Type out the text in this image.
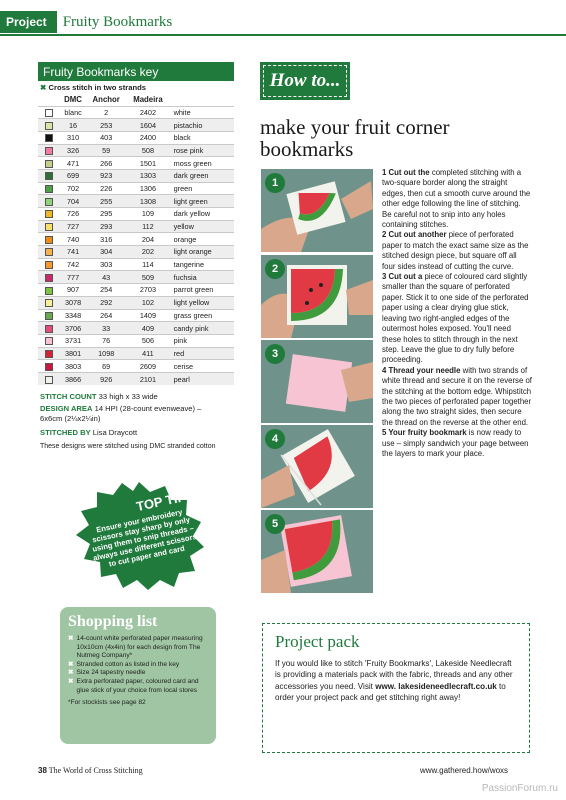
Project	Fruity Bookmarks
Fruity Bookmarks key
✖ Cross stitch in two strands
	DMC	Anchor	Madeira	
	blanc	2	2402	white
	16	253	1604	pistachio
	310	403	2400	black
	326	59	508	rose pink
	471	266	1501	moss green
	699	923	1303	dark green
	702	226	1306	green
	704	255	1308	light green
	726	295	109	dark yellow
	727	293	112	yellow
	740	316	204	orange
	741	304	202	light orange
	742	303	114	tangerine
	777	43	509	fuchsia
	907	254	2703	parrot green
	3078	292	102	light yellow
	3348	264	1409	grass green
	3706	33	409	candy pink
	3731	76	506	pink
	3801	1098	411	red
	3803	69	2609	cerise
	3866	926	2101	pearl

STITCH COUNT 33 high x 33 wide

DESIGN AREA 14 HPI (28-count evenweave) –
6x6cm (2¼x2¼in)

STITCHED BY Lisa Draycott

These designs were stitched using DMC stranded cotton

TOP TIP
Ensure your embroidery scissors stay sharp by only using them to snip threads – always use different scissors to cut paper and card
Shopping list
✖ 14-count white perforated paper measuring 10x10cm (4x4in) for each design from The Nutmeg Company*
✖ Stranded cotton as listed in the key
✖ Size 24 tapestry needle
✖ Extra perforated paper, coloured card and glue stick of your choice from local stores
*For stockists see page 82
How to...
make your fruit corner bookmarks
1
2
3
4
5

1 Cut out the completed stitching with a two-square border along the straight edges, then cut a smooth curve around the other edge following the line of stitching. Be careful not to snip into any holes containing stitches.

2 Cut out another piece of perforated paper to match the exact same size as the stitched design piece, but square off all four sides instead of cutting the curve.

3 Cut out a piece of coloured card slightly smaller than the square of perforated paper. Stick it to one side of the perforated paper using a clear drying glue stick, leaving two right-angled edges of the outermost holes exposed. You'll need these holes to stitch through in the next step. Leave the glue to dry fully before proceeding.

4 Thread your needle with two strands of white thread and secure it on the reverse of the stitching at the bottom edge. Whipstitch the two pieces of perforated paper together along the two straight sides, then secure the thread on the reverse at the other end.

5 Your fruity bookmark is now ready to use – simply sandwich your page between the layers to mark your place.

Project pack
If you would like to stitch 'Fruity Bookmarks', Lakeside Needlecraft is providing a materials pack with the fabric, threads and any other accessories you need. Visit www. lakesideneedlecraft.co.uk to order your project pack and get stitching right away!
38 The World of Cross Stitching	www.gathered.how/woxs
PassionForum.ru
